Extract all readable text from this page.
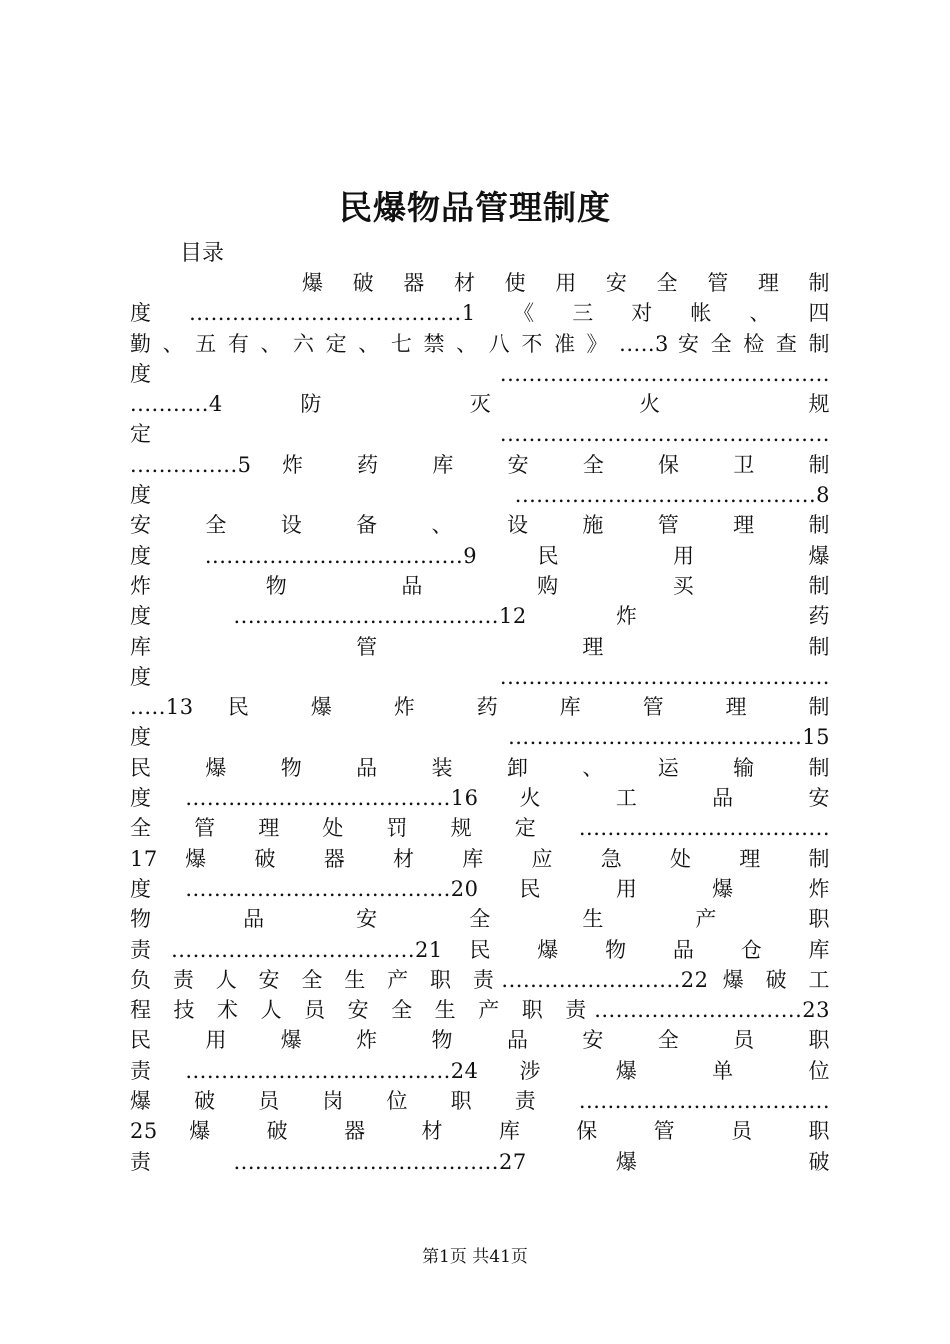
民爆物品管理制度
目录
爆 破 器 材 使 用 安 全 管 理 制
度......................................1《三对帐、四
勤 、 五 有 、 六 定 、 七 禁 、 八 不 准 》 .....3 安 全 检 查 制
度..............................................
...........4 防 灭 火 规
定..............................................
...............5 炸 药 库 安 全 保 卫 制
度..........................................8
安 全 设 备 、 设 施 管 理 制
度....................................9 民 用 爆
炸 物 品 购 买 制
度.....................................12 炸 药
库 管 理 制
度..............................................
.....13 民 爆 炸 药 库 管 理 制
度 .........................................15
民 爆 物 品 装 卸 、 运 输 制
度.....................................16 火 工 品 安
全管理处罚规定...................................
17 爆 破 器 材 库 应 急 处 理 制
度.....................................20 民 用 爆 炸
物 品 安 全 生 产 职
责..................................21 民 爆 物 品 仓 库
负 责 人 安 全 生 产 职 责.........................22 爆 破 工
程 技 术 人 员 安 全 生 产 职 责.............................23
民 用 爆 炸 物 品 安 全 员 职
责.....................................24 涉 爆 单 位
爆破员岗位职责...................................
25 爆 破 器 材 库 保 管 员 职
责.....................................27 爆 破
第1页 共41页
